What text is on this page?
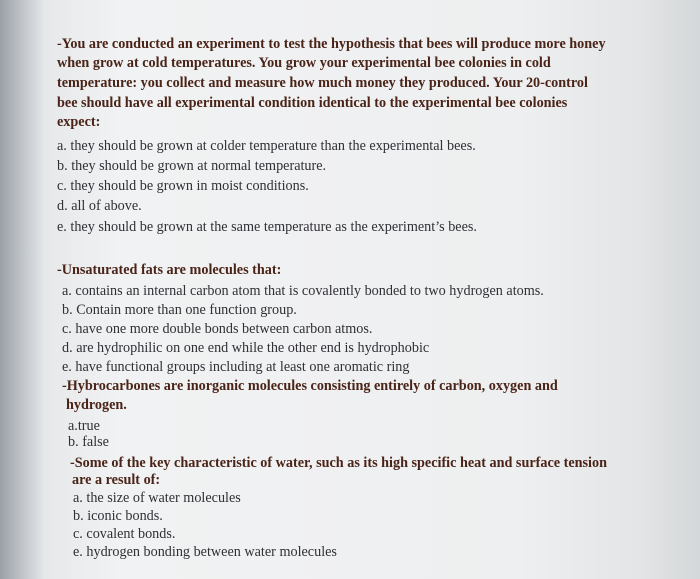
-You are conducted an experiment to test the hypothesis that bees will produce more honey
when grow at cold temperatures. You grow your experimental bee colonies in cold
temperature: you collect and measure how much money they produced. Your 20-control
bee should have all experimental condition identical to the experimental bee colonies
expect:
a. they should be grown at colder temperature than the experimental bees.
b. they should be grown at normal temperature.
c. they should be grown in moist conditions.
d. all of above.
e. they should be grown at the same temperature as the experiment’s bees.
-Unsaturated fats are molecules that:
a. contains an internal carbon atom that is covalently bonded to two hydrogen atoms.
b. Contain more than one function group.
c. have one more double bonds between carbon atmos.
d. are hydrophilic on one end while the other end is hydrophobic
e. have functional groups including at least one aromatic ring
-Hybrocarbones are inorganic molecules consisting entirely of carbon, oxygen and
hydrogen.
a.true
b. false
-Some of the key characteristic of water, such as its high specific heat and surface tension
are a result of:
a. the size of water molecules
b. iconic bonds.
c. covalent bonds.
e. hydrogen bonding between water molecules
